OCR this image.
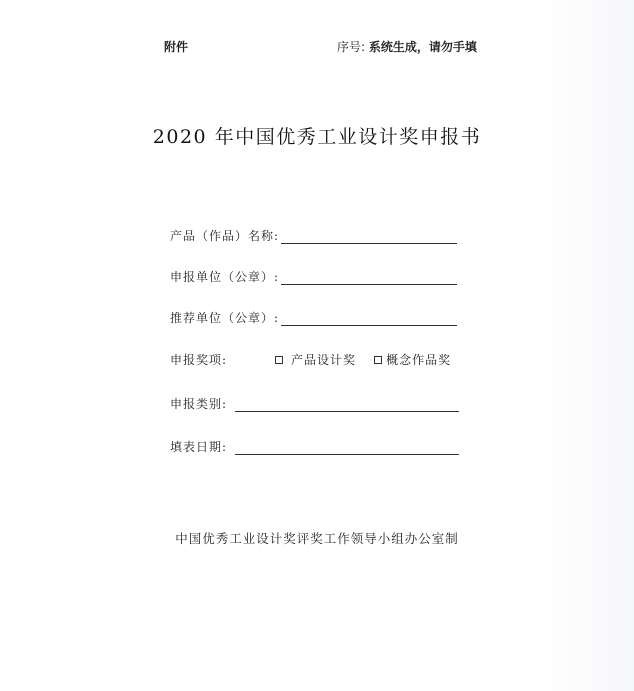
附件	序号: 系统生成，请勿手填
2020 年中国优秀工业设计奖申报书
产品（作品）名称:
申报单位（公章）:
推荐单位（公章）:
申报奖项:	产品设计奖	概念作品奖
申报类别:
填表日期:
中国优秀工业设计奖评奖工作领导小组办公室制
